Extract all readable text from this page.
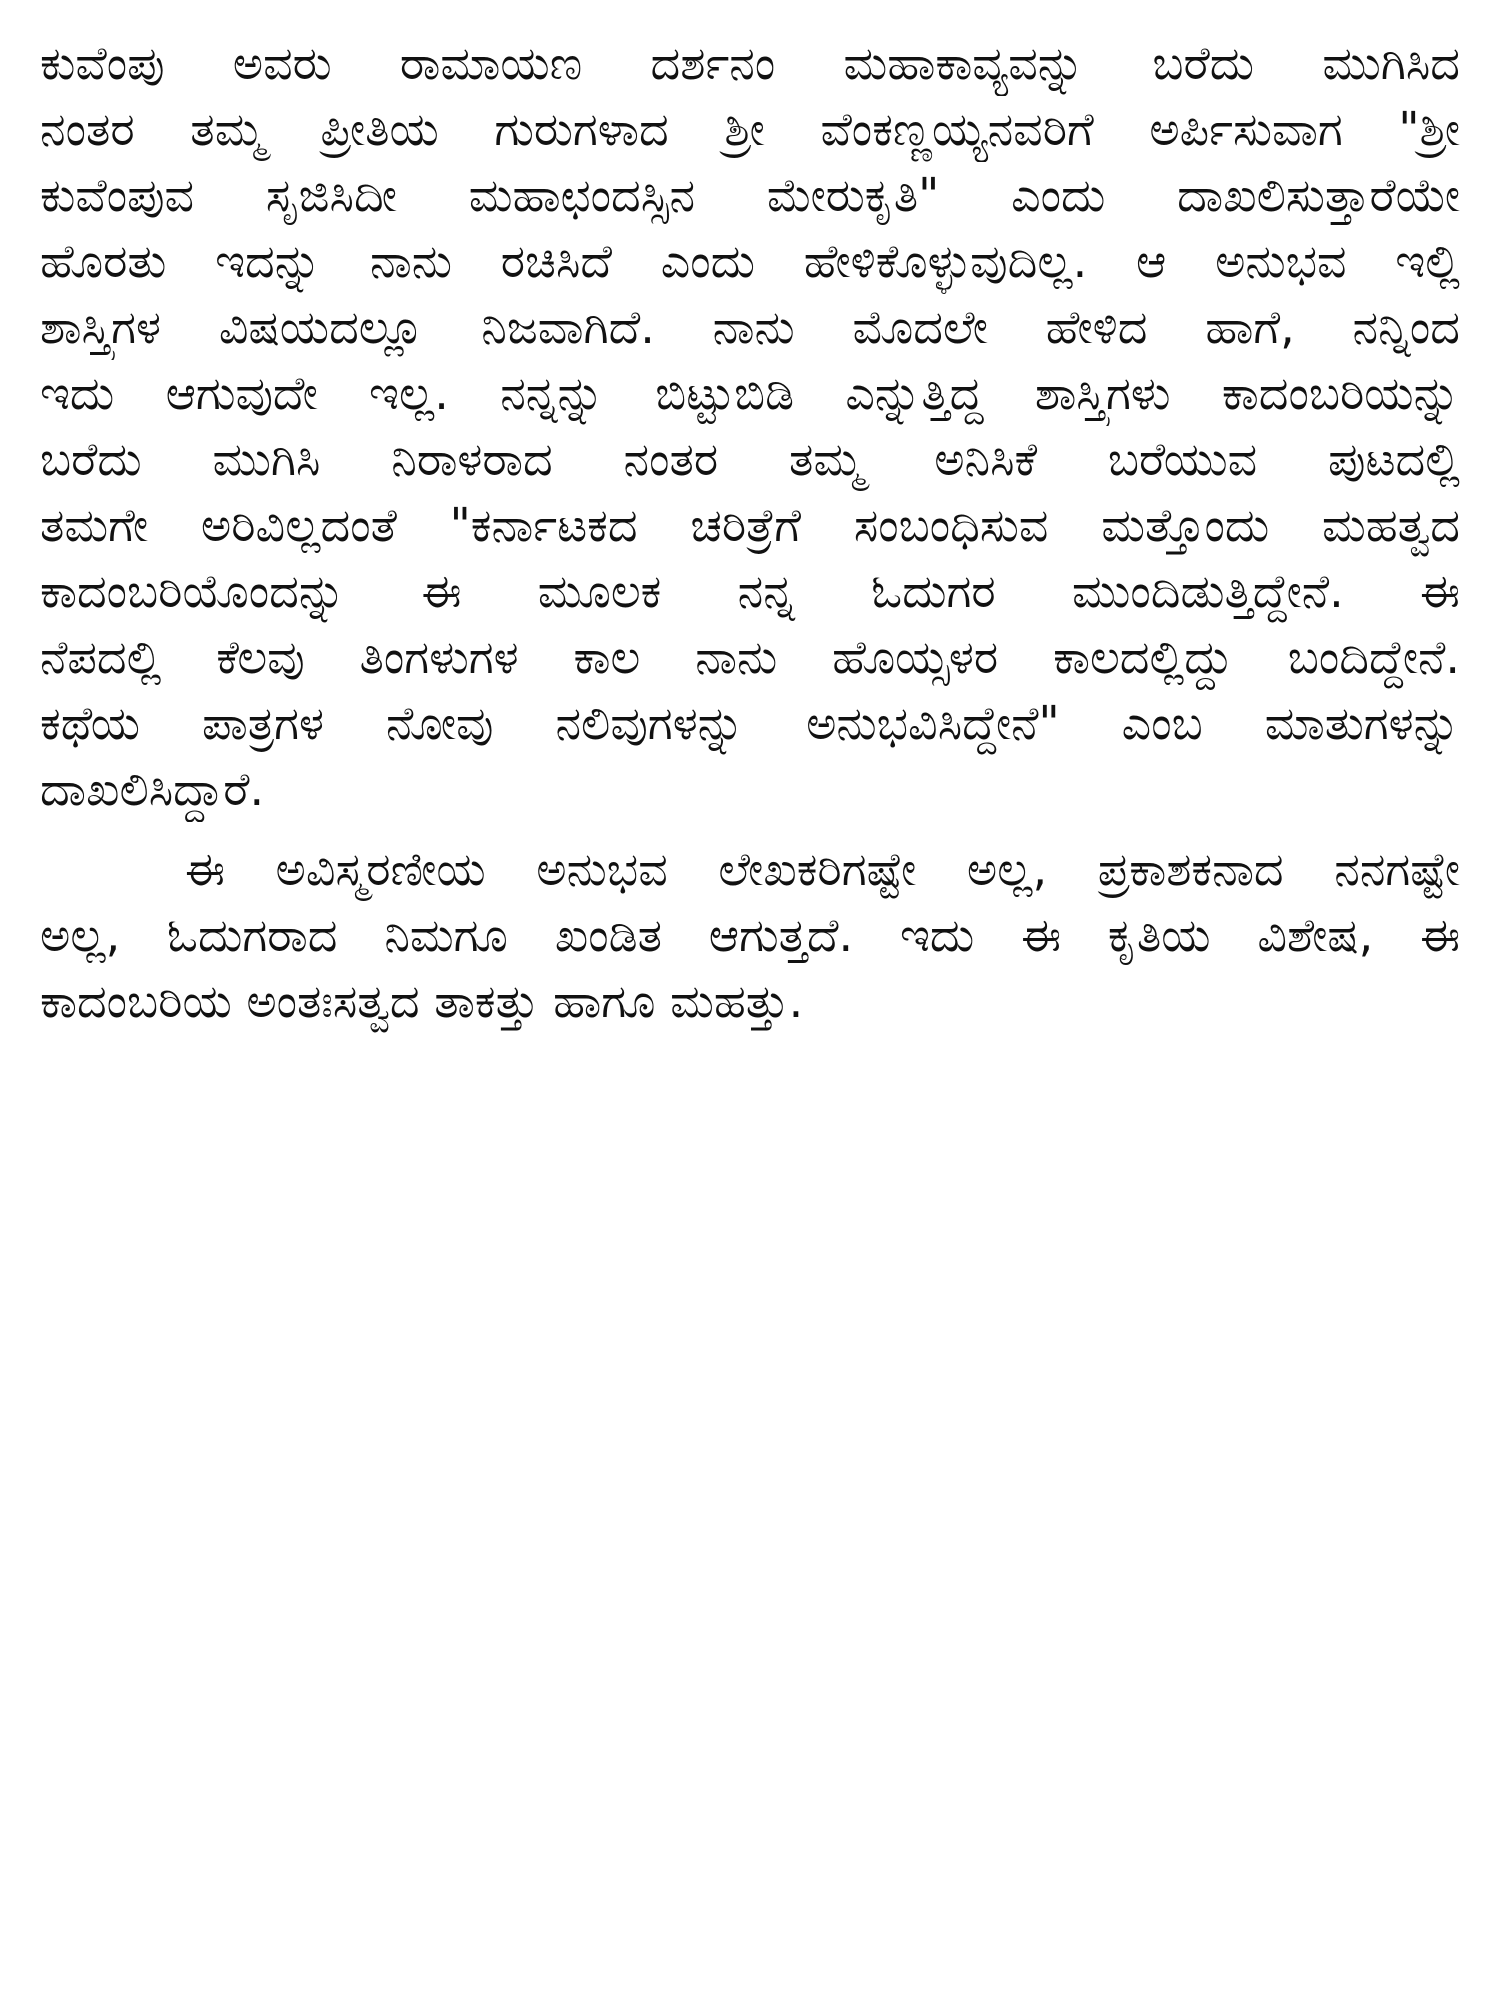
ಕುವೆಂಪು ಅವರು ರಾಮಾಯಣ ದರ್ಶನಂ ಮಹಾಕಾವ್ಯವನ್ನು ಬರೆದು ಮುಗಿಸಿದ
ನಂತರ ತಮ್ಮ ಪ್ರೀತಿಯ ಗುರುಗಳಾದ ಶ್ರೀ ವೆಂಕಣ್ಣಯ್ಯನವರಿಗೆ ಅರ್ಪಿಸುವಾಗ "ಶ್ರೀ
ಕುವೆಂಪುವ ಸೃಜಿಸಿದೀ ಮಹಾಛಂದಸ್ಸಿನ ಮೇರುಕೃತಿ" ಎಂದು ದಾಖಲಿಸುತ್ತಾರೆಯೇ
ಹೊರತು ಇದನ್ನು ನಾನು ರಚಿಸಿದೆ ಎಂದು ಹೇಳಿಕೊಳ್ಳುವುದಿಲ್ಲ. ಆ ಅನುಭವ ಇಲ್ಲಿ
ಶಾಸ್ತ್ರಿಗಳ ವಿಷಯದಲ್ಲೂ ನಿಜವಾಗಿದೆ. ನಾನು ಮೊದಲೇ ಹೇಳಿದ ಹಾಗೆ, ನನ್ನಿಂದ
ಇದು ಆಗುವುದೇ ಇಲ್ಲ. ನನ್ನನ್ನು ಬಿಟ್ಟುಬಿಡಿ ಎನ್ನುತ್ತಿದ್ದ ಶಾಸ್ತ್ರಿಗಳು ಕಾದಂಬರಿಯನ್ನು
ಬರೆದು ಮುಗಿಸಿ ನಿರಾಳರಾದ ನಂತರ ತಮ್ಮ ಅನಿಸಿಕೆ ಬರೆಯುವ ಪುಟದಲ್ಲಿ
ತಮಗೇ ಅರಿವಿಲ್ಲದಂತೆ "ಕರ್ನಾಟಕದ ಚರಿತ್ರೆಗೆ ಸಂಬಂಧಿಸುವ ಮತ್ತೊಂದು ಮಹತ್ವದ
ಕಾದಂಬರಿಯೊಂದನ್ನು ಈ ಮೂಲಕ ನನ್ನ ಓದುಗರ ಮುಂದಿಡುತ್ತಿದ್ದೇನೆ. ಈ
ನೆಪದಲ್ಲಿ ಕೆಲವು ತಿಂಗಳುಗಳ ಕಾಲ ನಾನು ಹೊಯ್ಸಳರ ಕಾಲದಲ್ಲಿದ್ದು ಬಂದಿದ್ದೇನೆ.
ಕಥೆಯ ಪಾತ್ರಗಳ ನೋವು ನಲಿವುಗಳನ್ನು ಅನುಭವಿಸಿದ್ದೇನೆ" ಎಂಬ ಮಾತುಗಳನ್ನು
ದಾಖಲಿಸಿದ್ದಾರೆ.
ಈ ಅವಿಸ್ಮರಣೀಯ ಅನುಭವ ಲೇಖಕರಿಗಷ್ಟೇ ಅಲ್ಲ, ಪ್ರಕಾಶಕನಾದ ನನಗಷ್ಟೇ
ಅಲ್ಲ, ಓದುಗರಾದ ನಿಮಗೂ ಖಂಡಿತ ಆಗುತ್ತದೆ. ಇದು ಈ ಕೃತಿಯ ವಿಶೇಷ, ಈ
ಕಾದಂಬರಿಯ ಅಂತಃಸತ್ವದ ತಾಕತ್ತು ಹಾಗೂ ಮಹತ್ತು.
